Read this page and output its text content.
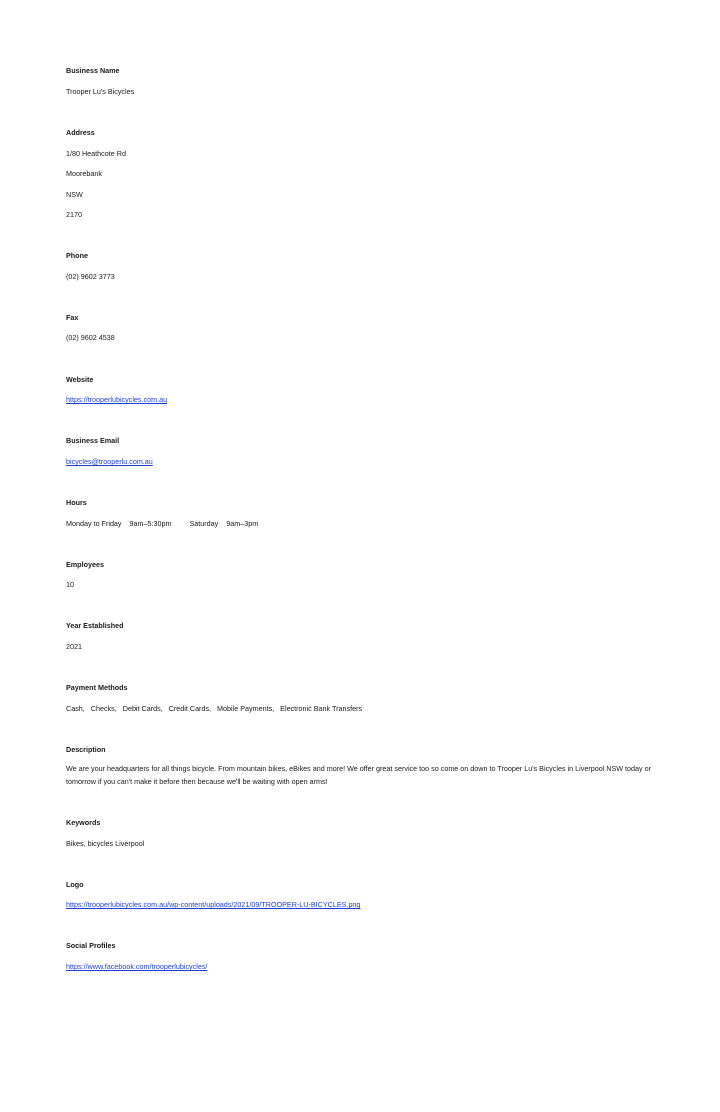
Business Name

Trooper Lu's Bicycles

Address

1/80 Heathcote Rd

Moorebank

NSW

2170

Phone

(02) 9602 3773

Fax

(02) 9602 4538

Website

https://trooperlubicycles.com.au

Business Email

bicycles@trooperlu.com.au

Hours

Monday to Friday 9am–5:30pm	Saturday 9am–3pm

Employees

10

Year Established

2021

Payment Methods

Cash, Checks, Debit Cards, Credit Cards, Mobile Payments, Electronic Bank Transfers

Description

We are your headquarters for all things bicycle. From mountain bikes, eBikes and more! We offer great service too so come on down to Trooper Lu's Bicycles in Liverpool NSW today or tomorrow if you can't make it before then because we'll be waiting with open arms!

Keywords

Bikes, bicycles Liverpool

Logo

https://trooperlubicycles.com.au/wp-content/uploads/2021/09/TROOPER-LU-BICYCLES.png

Social Profiles

https://www.facebook.com/trooperlubicycles/
